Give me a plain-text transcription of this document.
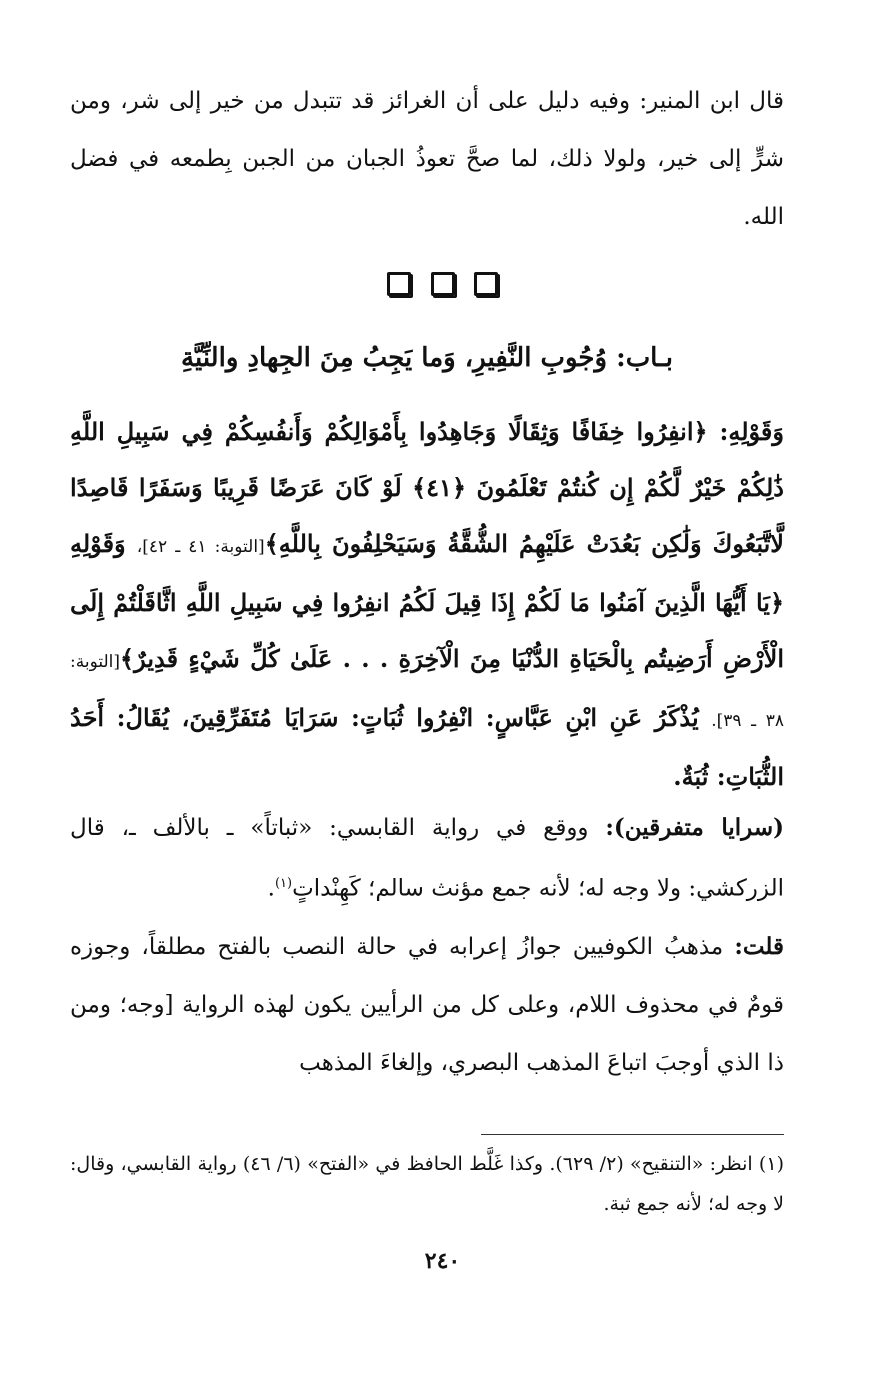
قال ابن المنير: وفيه دليل على أن الغرائز قد تتبدل من خير إلى شر، ومن شرٍّ إلى خير، ولولا ذلك، لما صحَّ تعوذُ الجبان من الجبن بِطمعه في فضل الله.

بـاب: وُجُوبِ النَّفِيرِ، وَما يَجِبُ مِنَ الجِهادِ والنِّيَّةِ

وَقَوْلِهِ: ﴿انفِرُوا خِفَافًا وَثِقَالًا وَجَاهِدُوا بِأَمْوَالِكُمْ وَأَنفُسِكُمْ فِي سَبِيلِ اللَّهِ ذَٰلِكُمْ خَيْرٌ لَّكُمْ إِن كُنتُمْ تَعْلَمُونَ ﴿٤١﴾ لَوْ كَانَ عَرَضًا قَرِيبًا وَسَفَرًا قَاصِدًا لَّاتَّبَعُوكَ وَلَٰكِن بَعُدَتْ عَلَيْهِمُ الشُّقَّةُ وَسَيَحْلِفُونَ بِاللَّهِ﴾[التوبة: ٤١ ـ ٤٢]، وَقَوْلِهِ ﴿يَا أَيُّهَا الَّذِينَ آمَنُوا مَا لَكُمْ إِذَا قِيلَ لَكُمُ انفِرُوا فِي سَبِيلِ اللَّهِ اثَّاقَلْتُمْ إِلَى الْأَرْضِ أَرَضِيتُم بِالْحَيَاةِ الدُّنْيَا مِنَ الْآخِرَةِ . . . عَلَىٰ كُلِّ شَيْءٍ قَدِيرٌ﴾[التوبة: ٣٨ ـ ٣٩]. يُذْكَرُ عَنِ ابْنِ عَبَّاسٍ: انْفِرُوا ثُبَاتٍ: سَرَايَا مُتَفَرِّقِينَ، يُقَالُ: أَحَدُ الثُّبَاتِ: ثُبَةٌ.

(سرايا متفرقين): ووقع في رواية القابسي: «ثباتاً» ـ بالألف ـ، قال الزركشي: ولا وجه له؛ لأنه جمع مؤنث سالم؛ كَهِنْداتٍ$^{(١)}$.

قلت: مذهبُ الكوفيين جوازُ إعرابه في حالة النصب بالفتح مطلقاً، وجوزه قومٌ في محذوف اللام، وعلى كل من الرأيين يكون لهذه الرواية [وجه؛ ومن ذا الذي أوجبَ اتباعَ المذهب البصري، وإلغاءَ المذهب

(١) انظر: «التنقيح» (٢/ ٦٢٩). وكذا غَلَّط الحافظ في «الفتح» (٦/ ٤٦) رواية القابسي، وقال: لا وجه له؛ لأنه جمع ثبة.

٢٤٠
